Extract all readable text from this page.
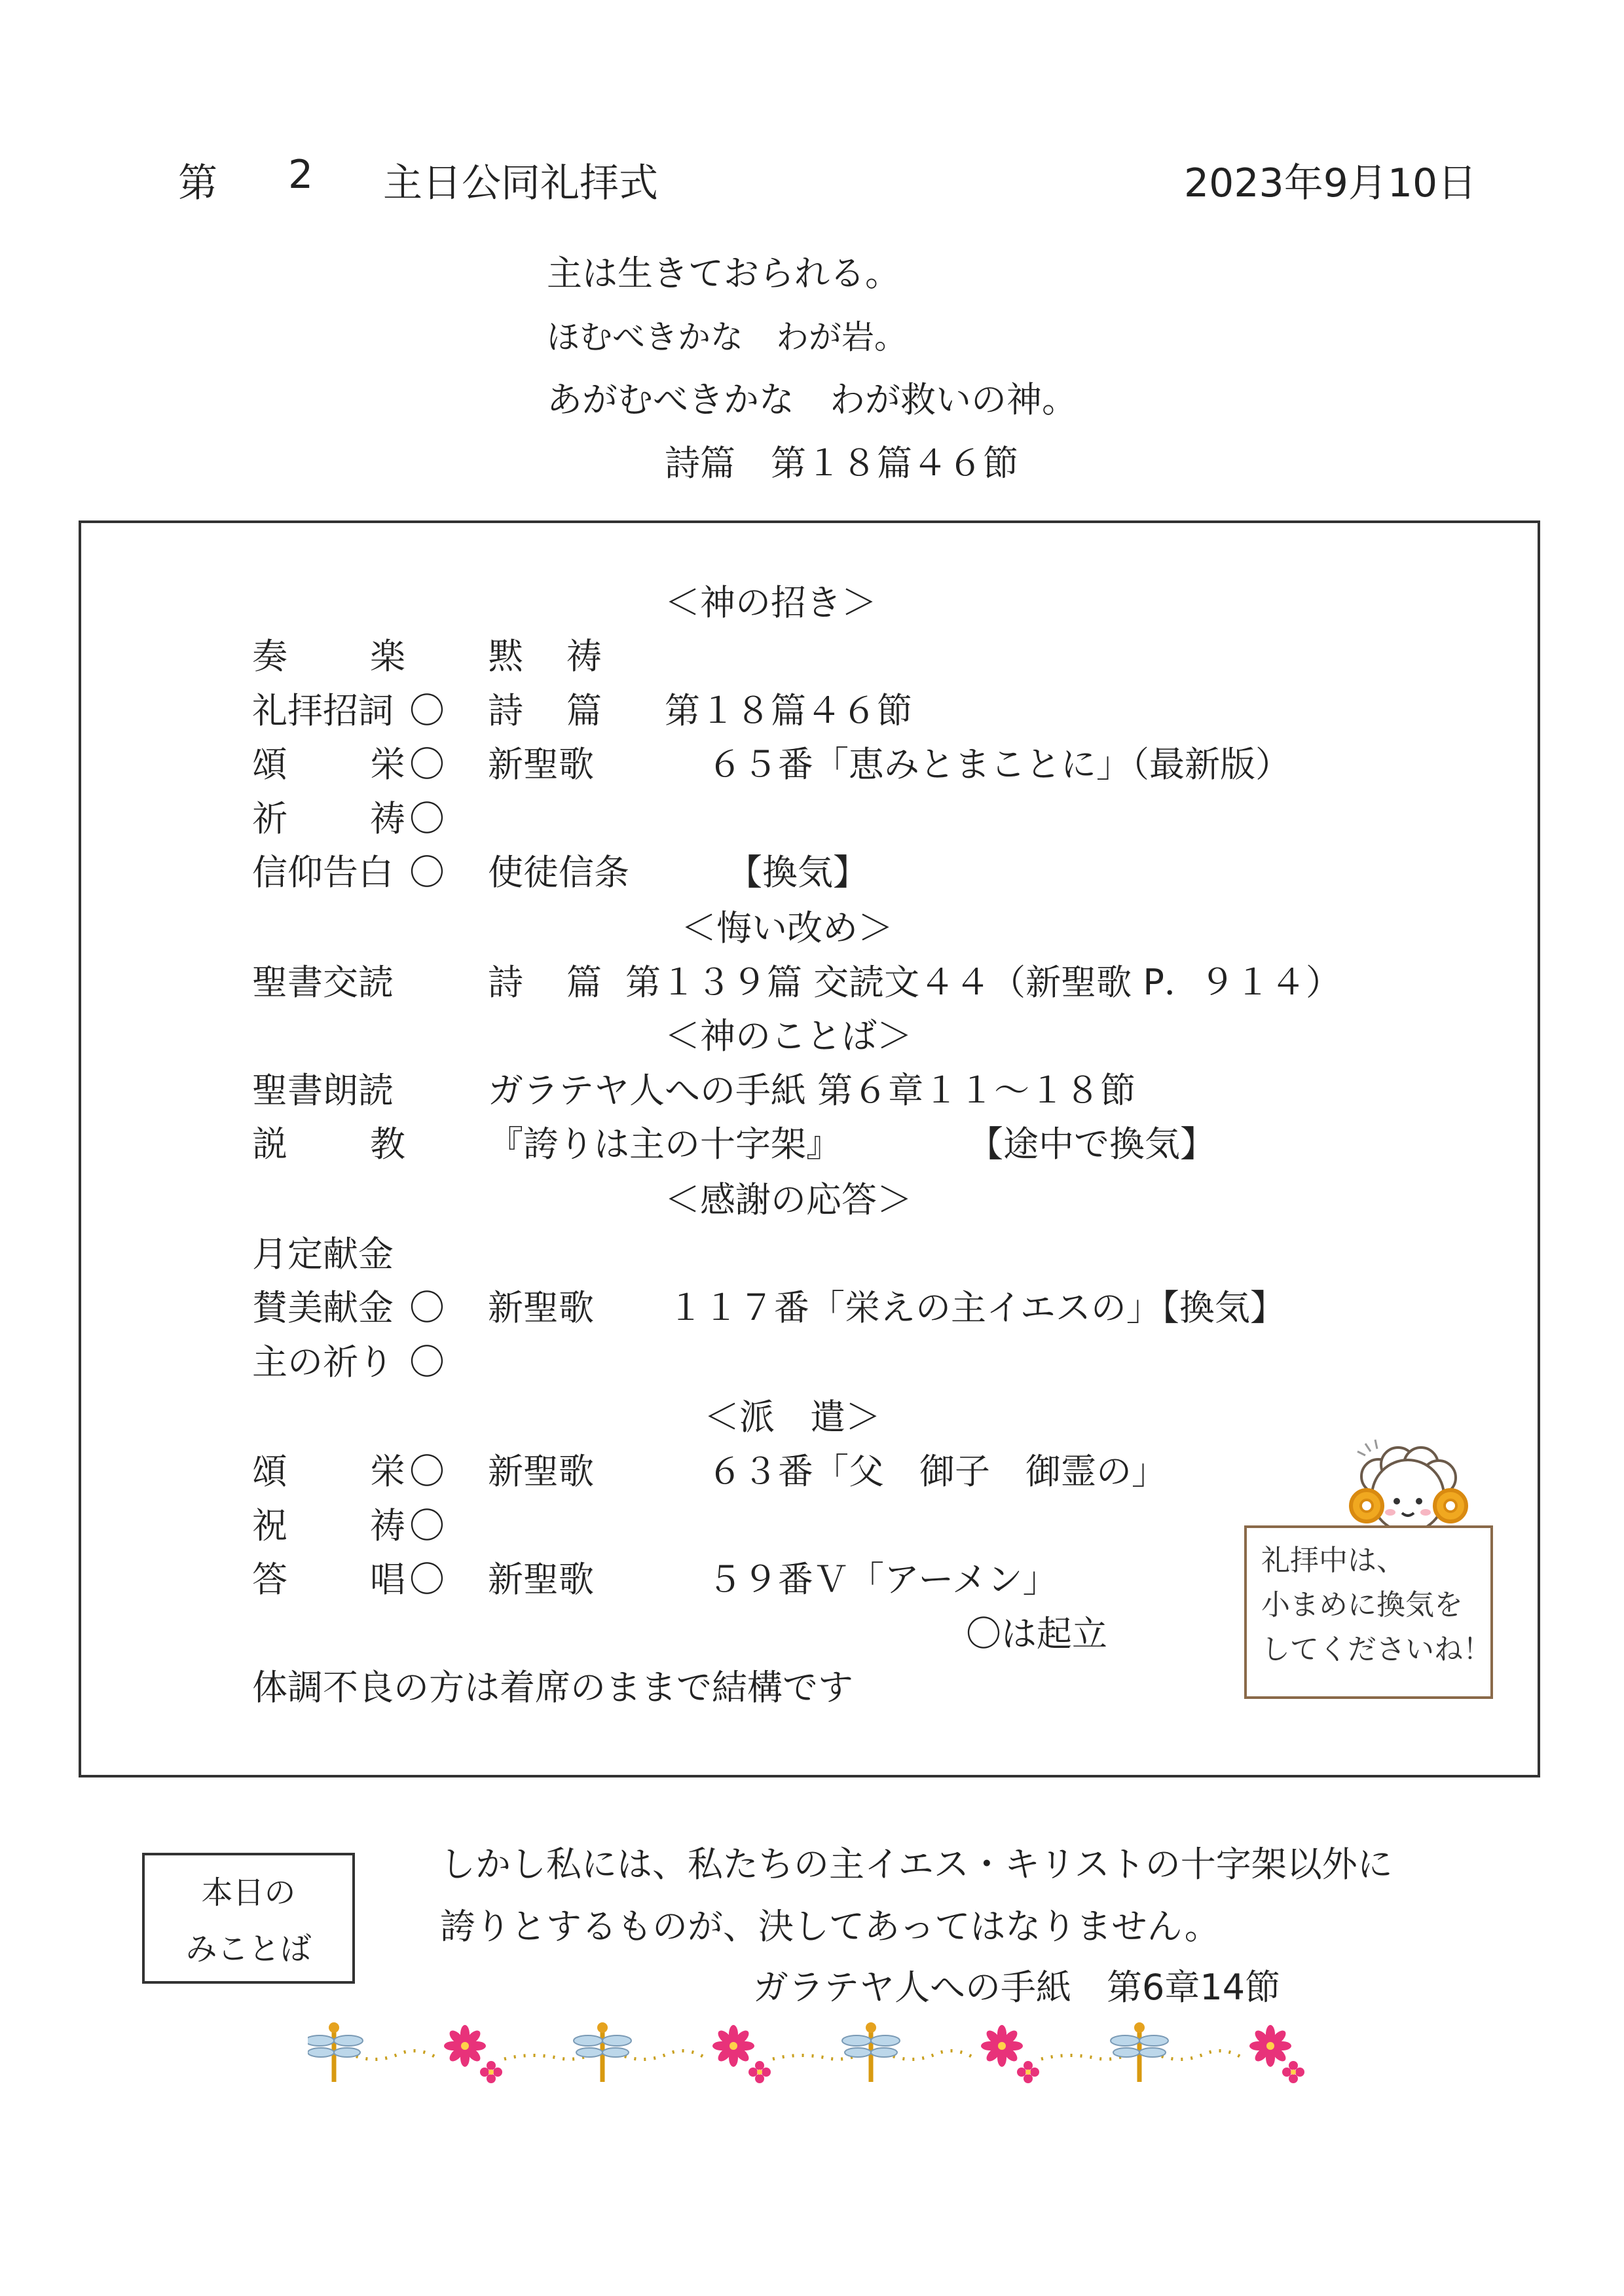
第 2 主日公同礼拝式	2023年9月10日
主は生きておられる。
ほむべきかな　わが岩。
あがむべきかな　わが救いの神。
詩篇　第１８篇４６節
＜神の招き＞
奏 楽 黙 祷
礼拝招詞 〇 詩 篇 第１８篇４６節
頌 栄 〇 新聖歌	６５番「恵みとまことに」（最新版）
祈 祷 〇
信仰告白 〇 使徒信条	【換気】
＜悔い改め＞
聖書交読	詩 篇 第１３９篇 交読文４４（新聖歌 P．９１４）
＜神のことば＞
聖書朗読	ガラテヤ人への手紙 第６章１１～１８節
説 教 『誇りは主の十字架』	【途中で換気】
＜感謝の応答＞
月定献金
賛美献金 〇 新聖歌 １１７番「栄えの主イエスの」【換気】
主の祈り 〇
＜派　遣＞
頌 栄 〇 新聖歌	６３番「父　御子　御霊の」
祝 祷 〇
答 唱 〇 新聖歌	５９番Ｖ「アーメン」
〇は起立
体調不良の方は着席のままで結構です
礼拝中は、
小まめに換気を
してくださいね！
本日の
みことば
しかし私には、私たちの主イエス・キリストの十字架以外に
誇りとするものが、決してあってはなりません。
ガラテヤ人への手紙　第6章14節
